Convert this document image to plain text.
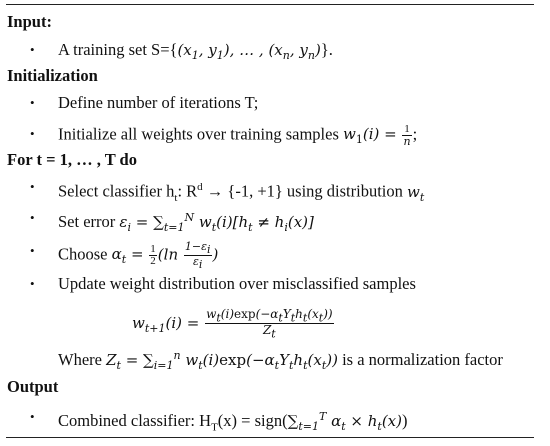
Input:
• A training set $S=\{(x_1$, $y_1$), … , ($x_n$, $y_n$)}.
Initialization
• Define number of iterations T;
• Initialize all weights over training samples $w_1(i) = \frac{1}{n}$ ;
For t = 1, … , T do
• Select classifier $h_t$: $R^d \to \{-1$, +1} using distribution $w_t$
• Set error $\varepsilon_i = \sum_{t=1}^N$ $w_t(i)[h_t \ne h_i(x)]$
• Choose $\alpha_t = \frac{1}{2} (\ln \frac{1-\varepsilon i}{\varepsilon i}$ )
• Update weight distribution over misclassified samples
$w_{t+1}(i) = \frac{\text{wt(i)exp(−αtYtht(xt))}}{Zt}$
Where $Z_t = \sum_{i=1}^n$ $w_t(i)\exp(-\alpha_tY_th_t(x_t))$ is a normalization factor
Output
• Combined classifier: $H_T(x)$ = $sign(\sum_{t=1}^T$ $\alpha_t \times h_t(x)$)
